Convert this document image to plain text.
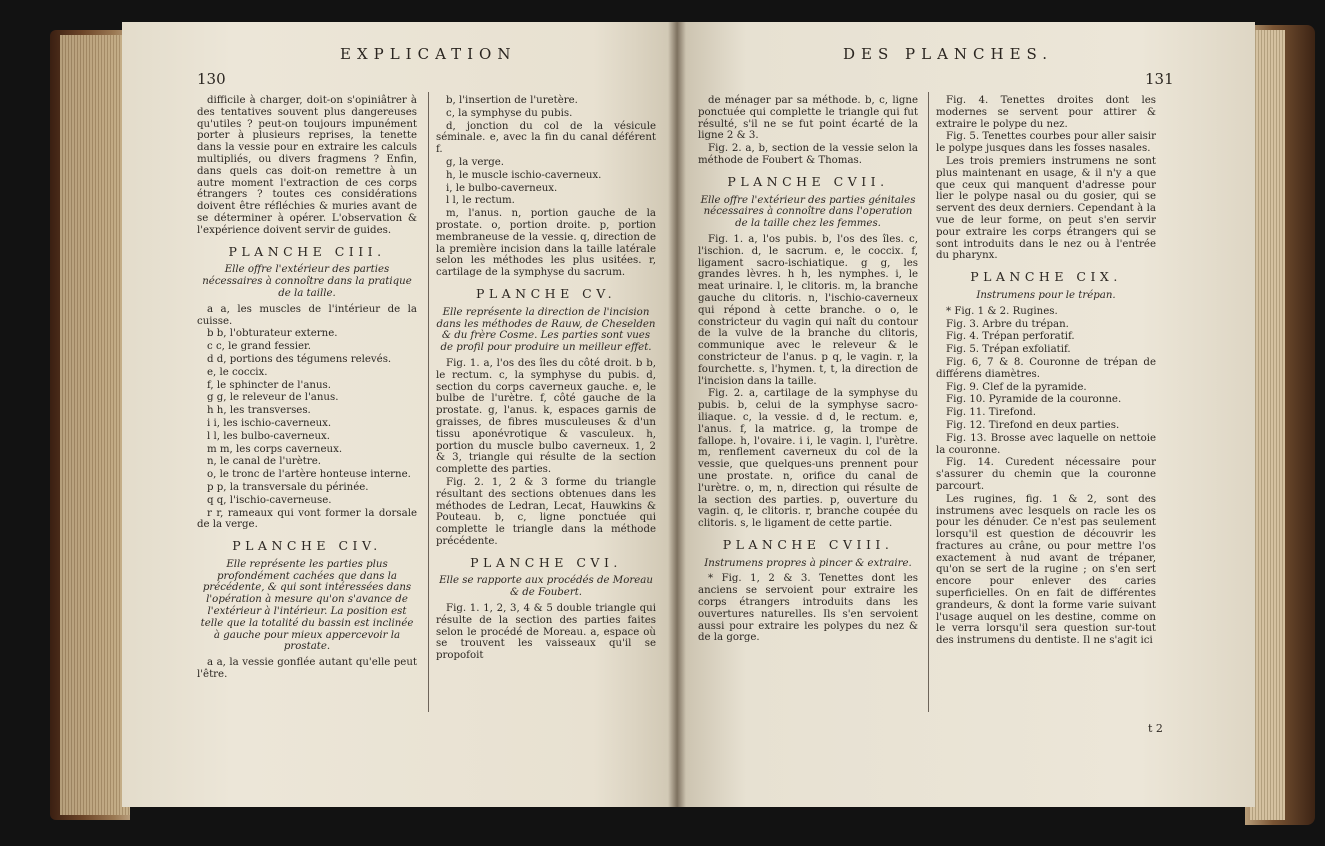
130
EXPLICATION	DES PLANCHES.
131

difficile à charger, doit-on s'opiniâtrer à des tentatives souvent plus dangereuses qu'utiles ? peut-on toujours impunément porter à plusieurs reprises, la tenette dans la vessie pour en extraire les calculs multipliés, ou divers fragmens ? Enfin, dans quels cas doit-on remettre à un autre moment l'extraction de ces corps étrangers ? toutes ces considérations doivent être réfléchies & muries avant de se déterminer à opérer. L'observation & l'expérience doivent servir de guides.

PLANCHE CIII.

Elle offre l'extérieur des parties nécessaires à connoître dans la pratique de la taille.

a a, les muscles de l'intérieur de la cuisse.

b b, l'obturateur externe.

c c, le grand fessier.

d d, portions des tégumens relevés.

e, le coccix.

f, le sphincter de l'anus.

g g, le releveur de l'anus.

h h, les transverses.

i i, les ischio-caverneux.

l l, les bulbo-caverneux.

m m, les corps caverneux.

n, le canal de l'urètre.

o, le tronc de l'artère honteuse interne.

p p, la transversale du périnée.

q q, l'ischio-caverneuse.

r r, rameaux qui vont former la dorsale de la verge.

PLANCHE CIV.

Elle représente les parties plus profondément cachées que dans la précédente, & qui sont intéressées dans l'opération à mesure qu'on s'avance de l'extérieur à l'intérieur. La position est telle que la totalité du bassin est inclinée à gauche pour mieux appercevoir la prostate.

a a, la vessie gonflée autant qu'elle peut l'être.

b, l'insertion de l'uretère.

c, la symphyse du pubis.

d, jonction du col de la vésicule séminale. e, avec la fin du canal déférent f.

g, la verge.

h, le muscle ischio-caverneux.

i, le bulbo-caverneux.

l l, le rectum.

m, l'anus. n, portion gauche de la prostate. o, portion droite. p, portion membraneuse de la vessie. q, direction de la première incision dans la taille latérale selon les méthodes les plus usitées. r, cartilage de la symphyse du sacrum.

PLANCHE CV.

Elle représente la direction de l'incision dans les méthodes de Rauw, de Cheselden & du frère Cosme. Les parties sont vues de profil pour produire un meilleur effet.

Fig. 1. a, l'os des îles du côté droit. b b, le rectum. c, la symphyse du pubis. d, section du corps caverneux gauche. e, le bulbe de l'urètre. f, côté gauche de la prostate. g, l'anus. k, espaces garnis de graisses, de fibres musculeuses & d'un tissu aponévrotique & vasculeux. h, portion du muscle bulbo caverneux. 1, 2 & 3, triangle qui résulte de la section complette des parties.

Fig. 2. 1, 2 & 3 forme du triangle résultant des sections obtenues dans les méthodes de Ledran, Lecat, Hauwkins & Pouteau. b, c, ligne ponctuée qui complette le triangle dans la méthode précédente.

PLANCHE CVI.

Elle se rapporte aux procédés de Moreau & de Foubert.

Fig. 1. 1, 2, 3, 4 & 5 double triangle qui résulte de la section des parties faites selon le procédé de Moreau. a, espace où se trouvent les vaisseaux qu'il se propofoit

de ménager par sa méthode. b, c, ligne ponctuée qui complette le triangle qui fut résulté, s'il ne se fut point écarté de la ligne 2 & 3.

Fig. 2. a, b, section de la vessie selon la méthode de Foubert & Thomas.

PLANCHE CVII.

Elle offre l'extérieur des parties génitales nécessaires à connoître dans l'operation de la taille chez les femmes.

Fig. 1. a, l'os pubis. b, l'os des îles. c, l'ischion. d, le sacrum. e, le coccix. f, ligament sacro-ischiatique. g g, les grandes lèvres. h h, les nymphes. i, le meat urinaire. l, le clitoris. m, la branche gauche du clitoris. n, l'ischio-caverneux qui répond à cette branche. o o, le constricteur du vagin qui naît du contour de la vulve de la branche du clitoris, communique avec le releveur & le constricteur de l'anus. p q, le vagin. r, la fourchette. s, l'hymen. t, t, la direction de l'incision dans la taille.

Fig. 2. a, cartilage de la symphyse du pubis. b, celui de la symphyse sacro-iliaque. c, la vessie. d d, le rectum. e, l'anus. f, la matrice. g, la trompe de fallope. h, l'ovaire. i i, le vagin. l, l'urètre. m, renflement caverneux du col de la vessie, que quelques-uns prennent pour une prostate. n, orifice du canal de l'urètre. o, m, n, direction qui résulte de la section des parties. p, ouverture du vagin. q, le clitoris. r, branche coupée du clitoris. s, le ligament de cette partie.

PLANCHE CVIII.

Instrumens propres à pincer & extraire.

* Fig. 1, 2 & 3. Tenettes dont les anciens se servoient pour extraire les corps étrangers introduits dans les ouvertures naturelles. Ils s'en servoient aussi pour extraire les polypes du nez & de la gorge.

Fig. 4. Tenettes droites dont les modernes se servent pour attirer & extraire le polype du nez.

Fig. 5. Tenettes courbes pour aller saisir le polype jusques dans les fosses nasales.

Les trois premiers instrumens ne sont plus maintenant en usage, & il n'y a que que ceux qui manquent d'adresse pour lier le polype nasal ou du gosier, qui se servent des deux derniers. Cependant à la vue de leur forme, on peut s'en servir pour extraire les corps étrangers qui se sont introduits dans le nez ou à l'entrée du pharynx.

PLANCHE CIX.

Instrumens pour le trépan.

* Fig. 1 & 2. Rugines.

Fig. 3. Arbre du trépan.

Fig. 4. Trépan perforatif.

Fig. 5. Trépan exfoliatif.

Fig. 6, 7 & 8. Couronne de trépan de différens diamètres.

Fig. 9. Clef de la pyramide.

Fig. 10. Pyramide de la couronne.

Fig. 11. Tirefond.

Fig. 12. Tirefond en deux parties.

Fig. 13. Brosse avec laquelle on nettoie la couronne.

Fig. 14. Curedent nécessaire pour s'assurer du chemin que la couronne parcourt.

Les rugines, fig. 1 & 2, sont des instrumens avec lesquels on racle les os pour les dénuder. Ce n'est pas seulement lorsqu'il est question de découvrir les fractures au crâne, ou pour mettre l'os exactement à nud avant de trépaner, qu'on se sert de la rugine ; on s'en sert encore pour enlever des caries superficielles. On en fait de différentes grandeurs, & dont la forme varie suivant l'usage auquel on les destine, comme on le verra lorsqu'il sera question sur-tout des instrumens du dentiste. Il ne s'agit ici

t 2
